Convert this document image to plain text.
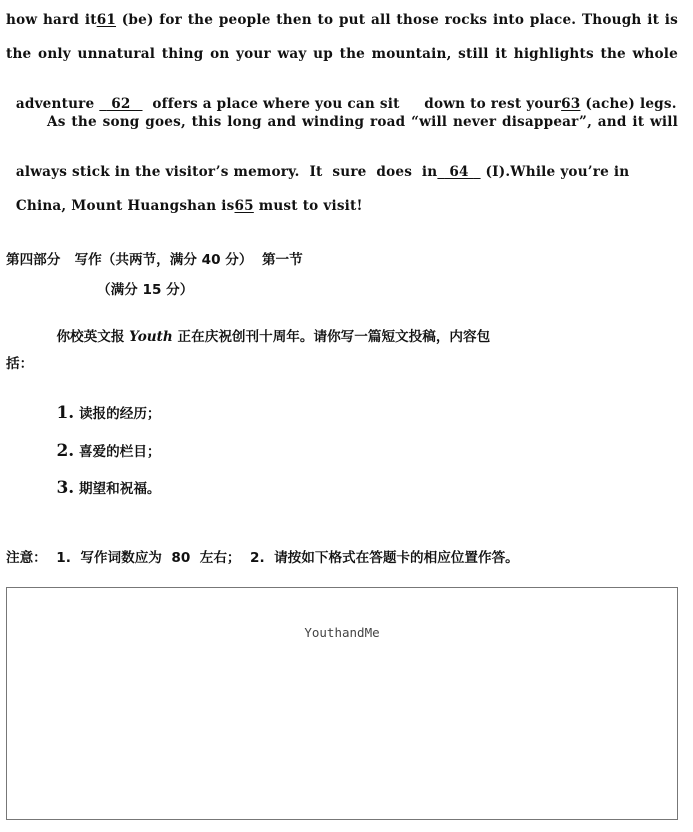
how hard it61 (be) for the people then to put all those rocks into place. Though it is
the only unnatural thing on your way up the mountain, still it highlights the whole

adventure   62    offers a place where you can sit     down to rest your63 (ache) legs.

As the song goes, this long and winding road “will never disappear”, and it will

always stick in the visitor’s memory.  It  sure  does  in  64   (I).While you’re in

China, Mount Huangshan is65 must to visit!

第四部分   写作（共两节，满分 40 分）  第一节
（满分 15 分）

你校英文报 Youth 正在庆祝创刊十周年。请你写一篇短文投稿，内容包

括：

1. 读报的经历；

2. 喜爱的栏目；

3. 期望和祝福。

注意：  1.  写作词数应为  80  左右；  2.  请按如下格式在答题卡的相应位置作答。
YouthandMe
